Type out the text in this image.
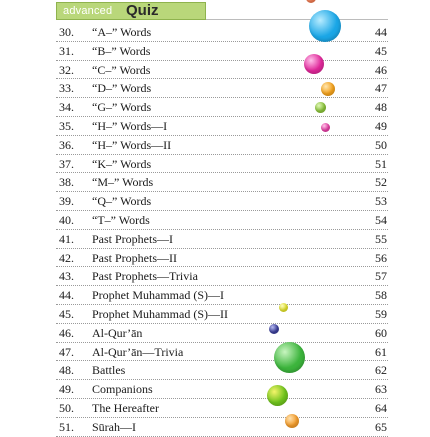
advanced Quiz
30. “A–” Words	44
31. “B–” Words	45
32. “C–” Words	46
33. “D–” Words	47
34. “G–” Words	48
35. “H–” Words—I	49
36. “H–” Words—II	50
37. “K–” Words	51
38. “M–” Words	52
39. “Q–” Words	53
40. “T–” Words	54
41. Past Prophets—I	55
42. Past Prophets—II	56
43. Past Prophets—Trivia	57
44. Prophet Muhammad (S)—I	58
45. Prophet Muhammad (S)—II	59
46. Al-Qur’ān	60
47. Al-Qur’ān—Trivia	61
48. Battles	62
49. Companions	63
50. The Hereafter	64
51. Sūrah—I	65
